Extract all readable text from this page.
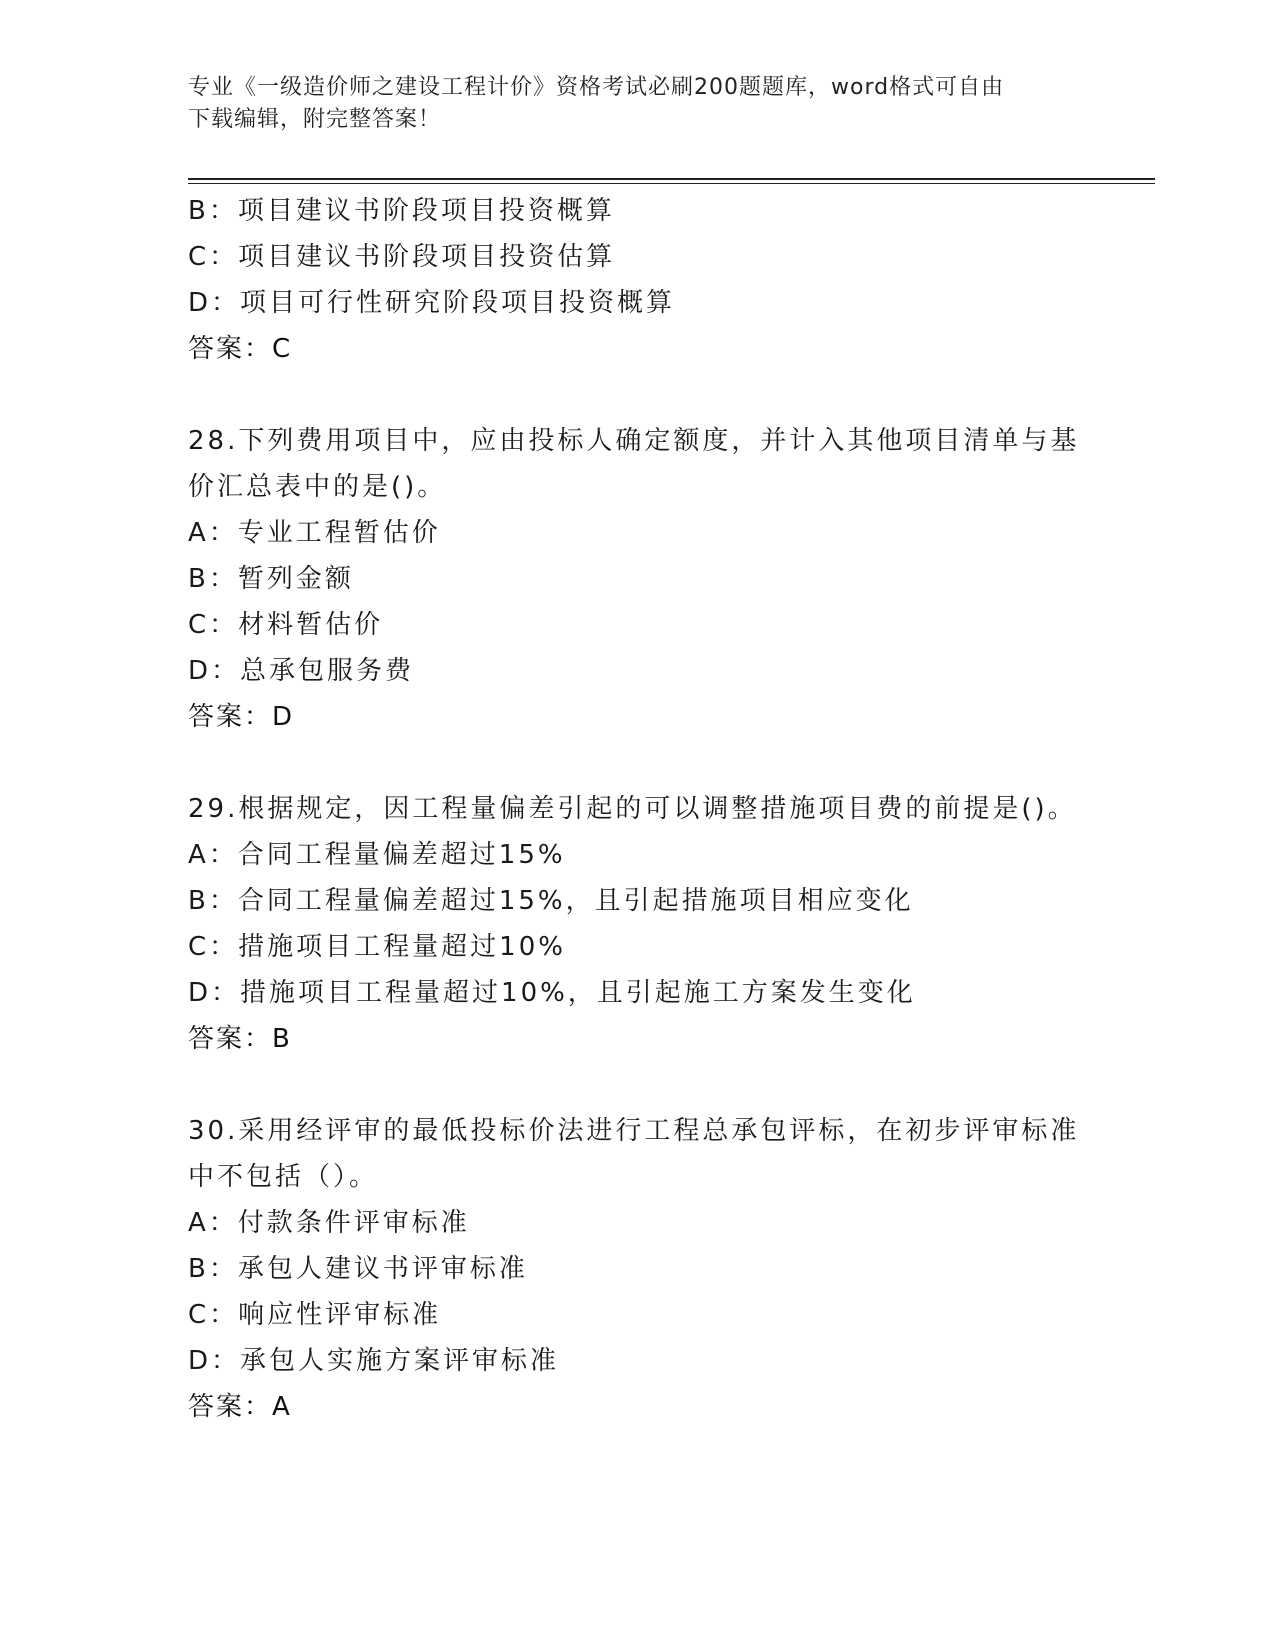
专业《一级造价师之建设工程计价》资格考试必刷200题题库，word格式可自由
下载编辑，附完整答案！
B：项目建议书阶段项目投资概算
C：项目建议书阶段项目投资估算
D：项目可行性研究阶段项目投资概算
答案：C
28.下列费用项目中，应由投标人确定额度，并计入其他项目清单与基
价汇总表中的是()。
A：专业工程暂估价
B：暂列金额
C：材料暂估价
D：总承包服务费
答案：D
29.根据规定，因工程量偏差引起的可以调整措施项目费的前提是()。
A：合同工程量偏差超过15%
B：合同工程量偏差超过15%，且引起措施项目相应变化
C：措施项目工程量超过10%
D：措施项目工程量超过10%，且引起施工方案发生变化
答案：B
30.采用经评审的最低投标价法进行工程总承包评标，在初步评审标准
中不包括（）。
A：付款条件评审标准
B：承包人建议书评审标准
C：响应性评审标准
D：承包人实施方案评审标准
答案：A
